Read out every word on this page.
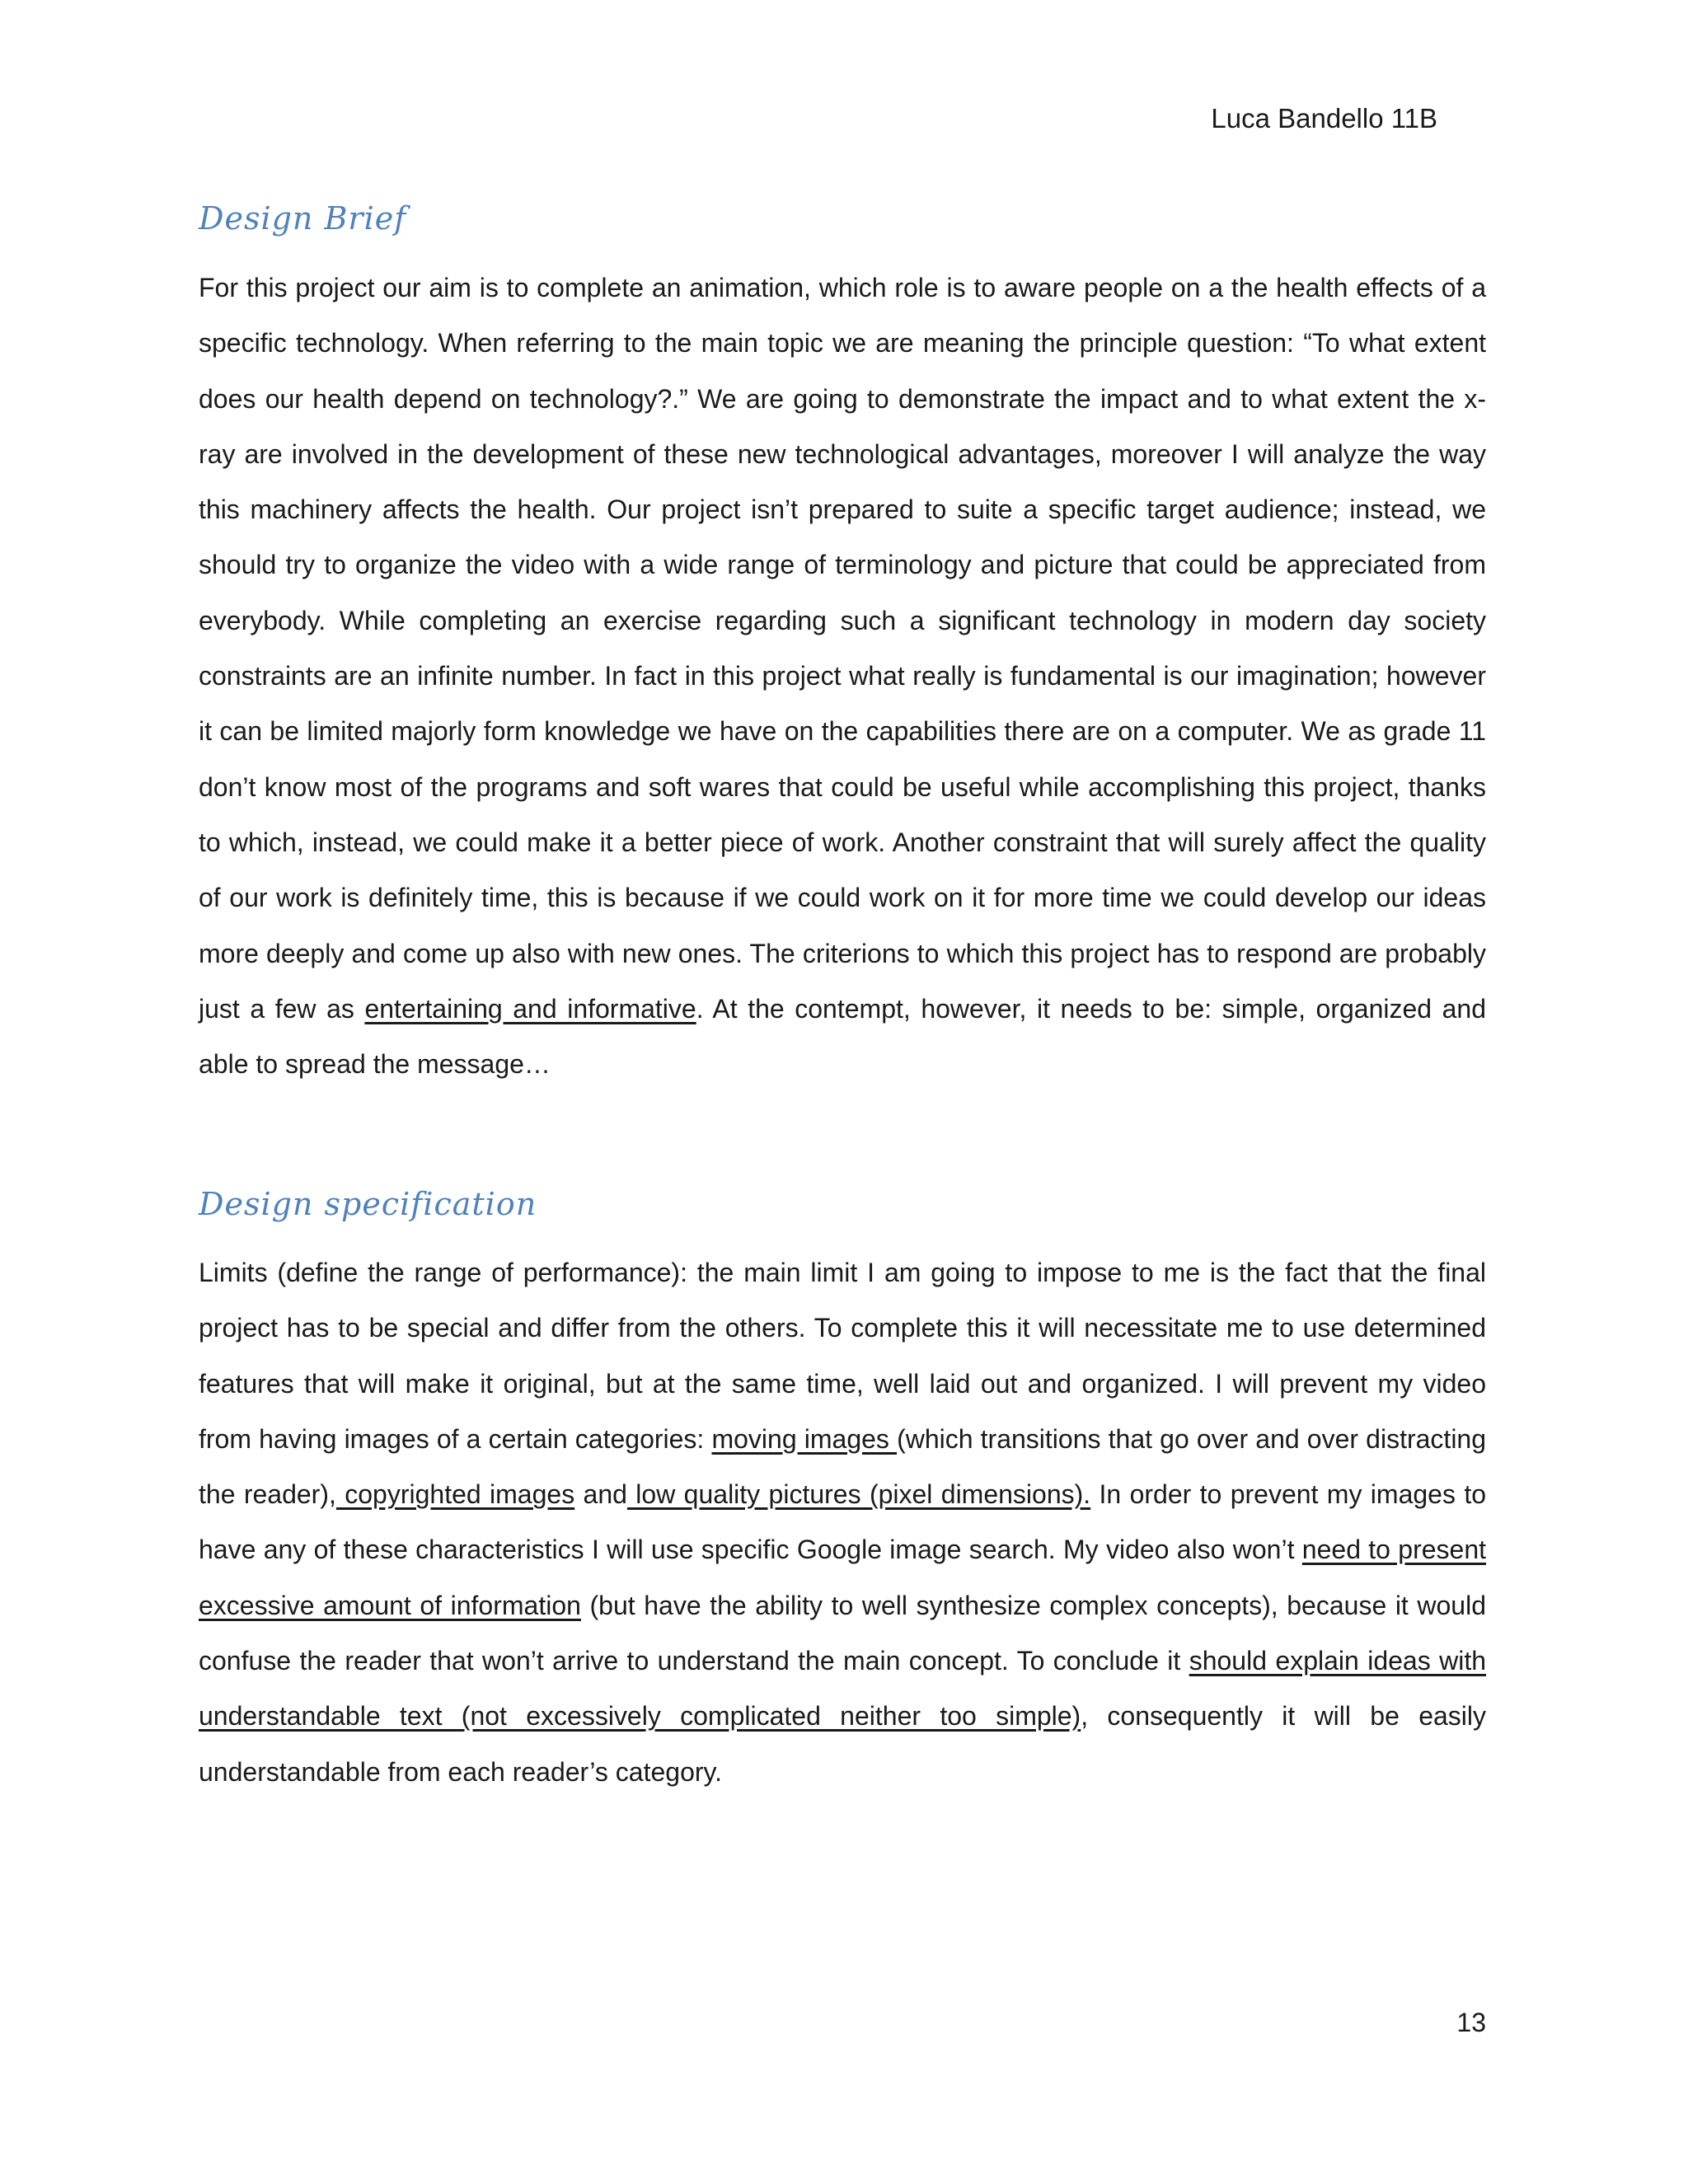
Luca Bandello 11B
Design Brief

For this project our aim is to complete an animation, which role is to aware people on a the health effects of a specific technology. When referring to the main topic we are meaning the principle question: “To what extent does our health depend on technology?.” We are going to demonstrate the impact and to what extent the x- ray are involved in the development of these new technological advantages, moreover I will analyze the way this machinery affects the health. Our project isn’t prepared to suite a specific target audience; instead, we should try to organize the video with a wide range of terminology and picture that could be appreciated from everybody. While completing an exercise regarding such a significant technology in modern day society constraints are an infinite number. In fact in this project what really is fundamental is our imagination; however it can be limited majorly form knowledge we have on the capabilities there are on a computer. We as grade 11 don’t know most of the programs and soft wares that could be useful while accomplishing this project, thanks to which, instead, we could make it a better piece of work. Another constraint that will surely affect the quality of our work is definitely time, this is because if we could work on it for more time we could develop our ideas more deeply and come up also with new ones. The criterions to which this project has to respond are probably just a few as entertaining and informative. At the contempt, however, it needs to be: simple, organized and able to spread the message…

Design specification

Limits (define the range of performance): the main limit I am going to impose to me is the fact that the final project has to be special and differ from the others. To complete this it will necessitate me to use determined features that will make it original, but at the same time, well laid out and organized. I will prevent my video from having images of a certain categories: moving images (which transitions that go over and over distracting the reader), copyrighted images and low quality pictures (pixel dimensions). In order to prevent my images to have any of these characteristics I will use specific Google image search. My video also won’t need to present excessive amount of information (but have the ability to well synthesize complex concepts), because it would confuse the reader that won’t arrive to understand the main concept. To conclude it should explain ideas with understandable text (not excessively complicated neither too simple), consequently it will be easily understandable from each reader’s category.

13
